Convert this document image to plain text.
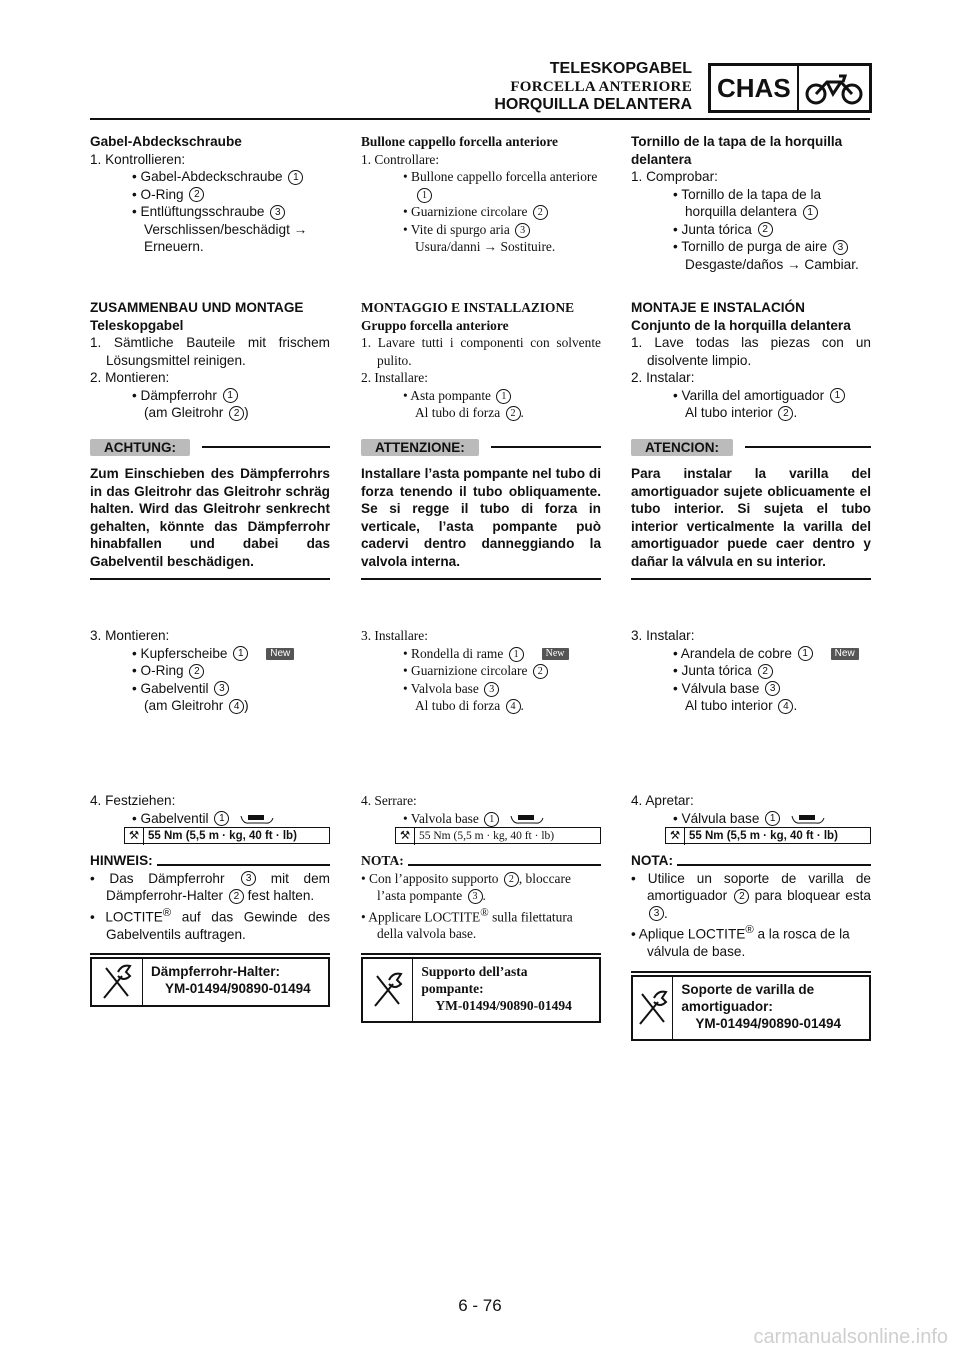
TELESKOPGABEL
FORCELLA ANTERIORE
HORQUILLA DELANTERA
CHAS
Gabel-Abdeckschraube
1. Kontrollieren:
• Gabel-Abdeckschraube 1
• O-Ring 2
• Entlüftungsschraube 3
Verschlissen/beschädigt →
Erneuern.
ZUSAMMENBAU UND MONTAGE
Teleskopgabel
1. Sämtliche Bauteile mit frischem Lösungsmittel reinigen.
2. Montieren:
• Dämpferrohr 1
(am Gleitrohr 2 )
ACHTUNG:
Zum Einschieben des Dämpferrohrs in das Gleitrohr das Gleitrohr schräg halten. Wird das Gleitrohr senkrecht gehalten, könnte das Dämpferrohr hinabfallen und dabei das Gabelventil beschädigen.
3. Montieren:
• Kupferscheibe 1	New
• O-Ring 2
• Gabelventil 3
(am Gleitrohr 4 )
4. Festziehen:
• Gabelventil 1
⚒ 55 Nm (5,5 m · kg, 40 ft · lb)
HINWEIS:
• Das Dämpferrohr 3 mit dem Dämpferrohr-Halter 2 fest halten.
• LOCTITE® auf das Gewinde des Gabelventils auftragen.
Dämpferrohr-Halter:
YM-01494/90890-01494
Bullone cappello forcella anteriore
1. Controllare:
• Bullone cappello forcella anteriore 1
• Guarnizione circolare 2
• Vite di spurgo aria 3
Usura/danni → Sostituire.
MONTAGGIO E INSTALLAZIONE
Gruppo forcella anteriore
1. Lavare tutti i componenti con solvente pulito.
2. Installare:
• Asta pompante 1
Al tubo di forza 2 .
ATTENZIONE:
Installare l’asta pompante nel tubo di forza tenendo il tubo obliquamente. Se si regge il tubo di forza in verticale, l’asta pompante può cadervi dentro danneggiando la valvola interna.
3. Installare:
• Rondella di rame 1	New
• Guarnizione circolare 2
• Valvola base 3
Al tubo di forza 4 .
4. Serrare:
• Valvola base 1
⚒ 55 Nm (5,5 m · kg, 40 ft · lb)
NOTA:
• Con l’apposito supporto 2 , bloccare l’asta pompante 3 .
• Applicare LOCTITE® sulla filettatura della valvola base.
Supporto dell’asta pompante:
YM-01494/90890-01494
Tornillo de la tapa de la horquilla delantera
1. Comprobar:
• Tornillo de la tapa de la horquilla delantera 1
• Junta tórica 2
• Tornillo de purga de aire 3
Desgaste/daños → Cambiar.
MONTAJE E INSTALACIÓN
Conjunto de la horquilla delantera
1. Lave todas las piezas con un disolvente limpio.
2. Instalar:
• Varilla del amortiguador 1
Al tubo interior 2 .
ATENCION:
Para instalar la varilla del amortiguador sujete oblicuamente el tubo interior. Si sujeta el tubo interior verticalmente la varilla del amortiguador puede caer dentro y dañar la válvula en su interior.
3. Instalar:
• Arandela de cobre 1	New
• Junta tórica 2
• Válvula base 3
Al tubo interior 4 .
4. Apretar:
• Válvula base 1
⚒ 55 Nm (5,5 m · kg, 40 ft · lb)
NOTA:
• Utilice un soporte de varilla de amortiguador 2 para bloquear esta 3 .
• Aplique LOCTITE® a la rosca de la válvula de base.
Soporte de varilla de amortiguador:
YM-01494/90890-01494
6 - 76
carmanualsonline.info
